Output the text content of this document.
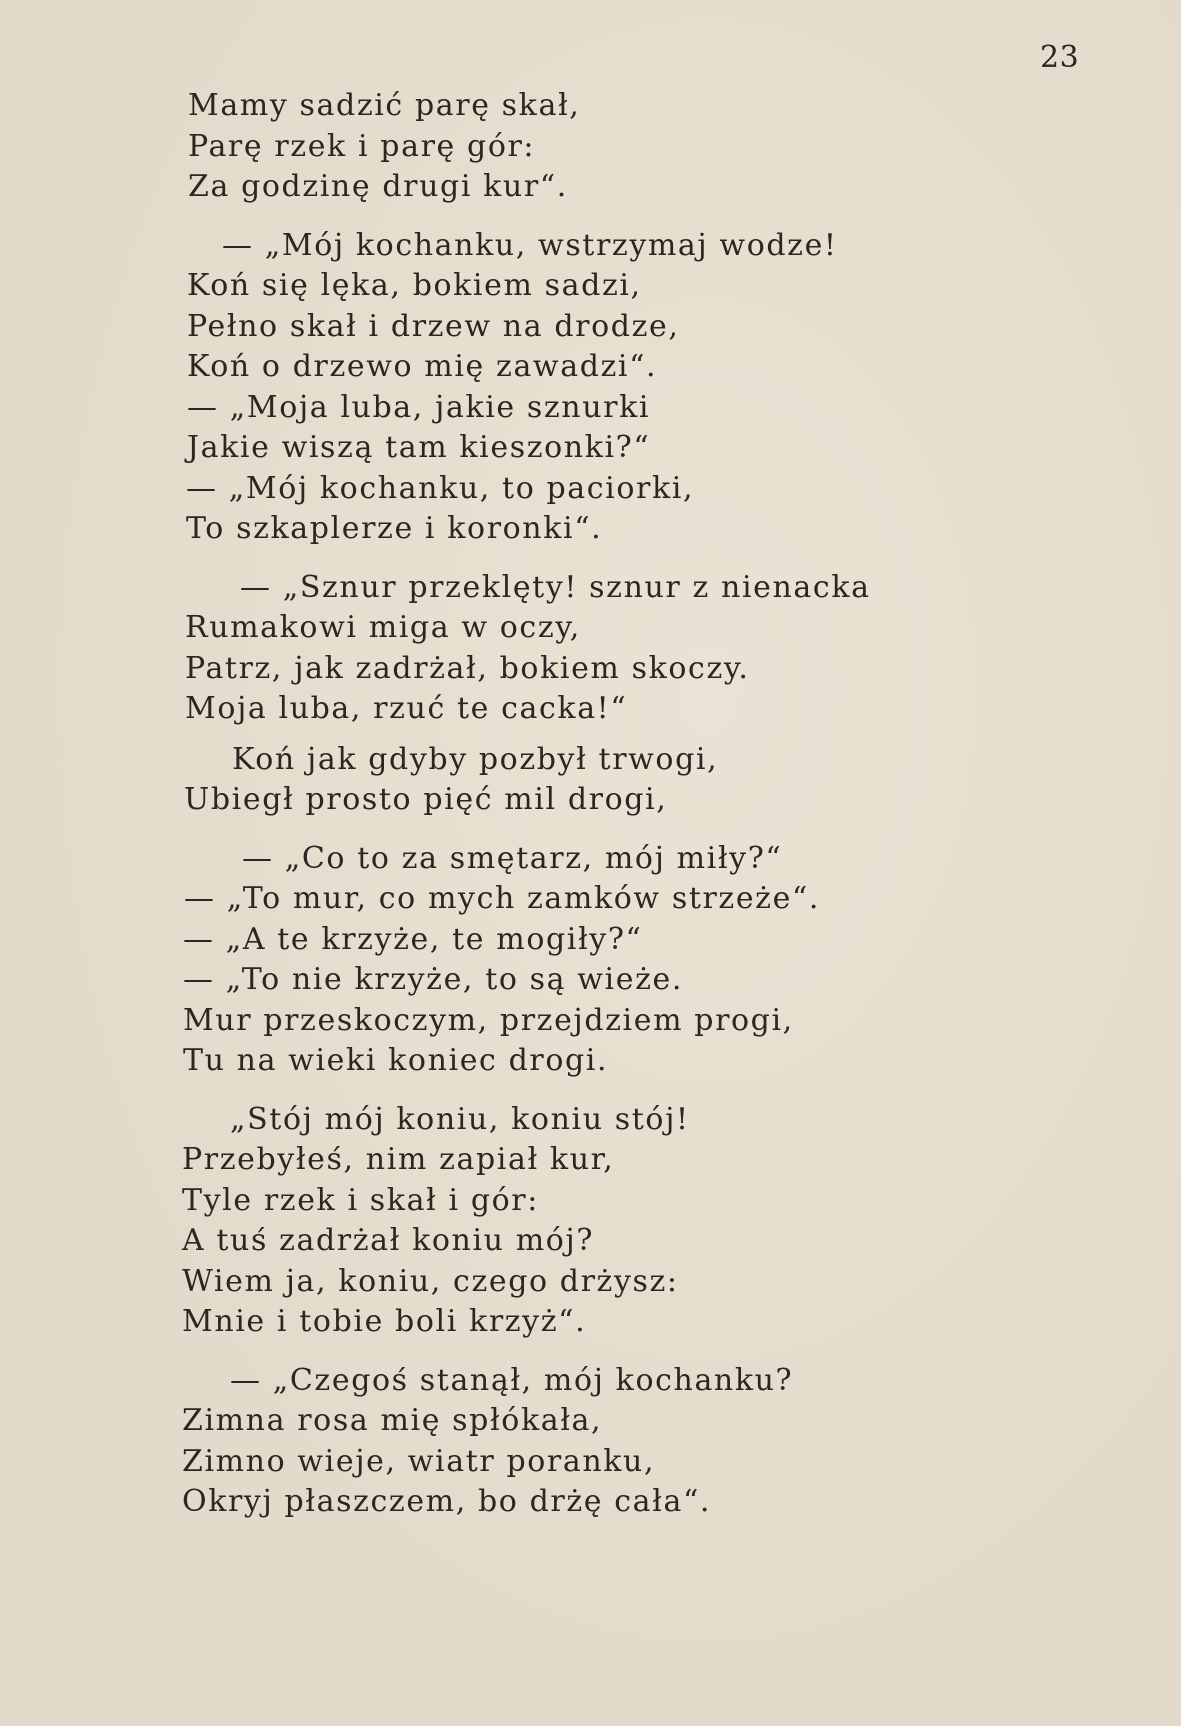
23
Mamy sadzić parę skał,
Parę rzek i parę gór:
Za godzinę drugi kur“.
— „Mój kochanku, wstrzymaj wodze!
Koń się lęka, bokiem sadzi,
Pełno skał i drzew na drodze,
Koń o drzewo mię zawadzi“.
— „Moja luba, jakie sznurki
Jakie wiszą tam kieszonki?“
— „Mój kochanku, to paciorki,
To szkaplerze i koronki“.
— „Sznur przeklęty! sznur z nienacka
Rumakowi miga w oczy,
Patrz, jak zadrżał, bokiem skoczy.
Moja luba, rzuć te cacka!“
Koń jak gdyby pozbył trwogi,
Ubiegł prosto pięć mil drogi,
— „Co to za smętarz, mój miły?“
— „To mur, co mych zamków strzeże“.
— „A te krzyże, te mogiły?“
— „To nie krzyże, to są wieże.
Mur przeskoczym, przejdziem progi,
Tu na wieki koniec drogi.
„Stój mój koniu, koniu stój!
Przebyłeś, nim zapiał kur,
Tyle rzek i skał i gór:
A tuś zadrżał koniu mój?
Wiem ja, koniu, czego drżysz:
Mnie i tobie boli krzyż“.
— „Czegoś stanął, mój kochanku?
Zimna rosa mię spłókała,
Zimno wieje, wiatr poranku,
Okryj płaszczem, bo drżę cała“.
